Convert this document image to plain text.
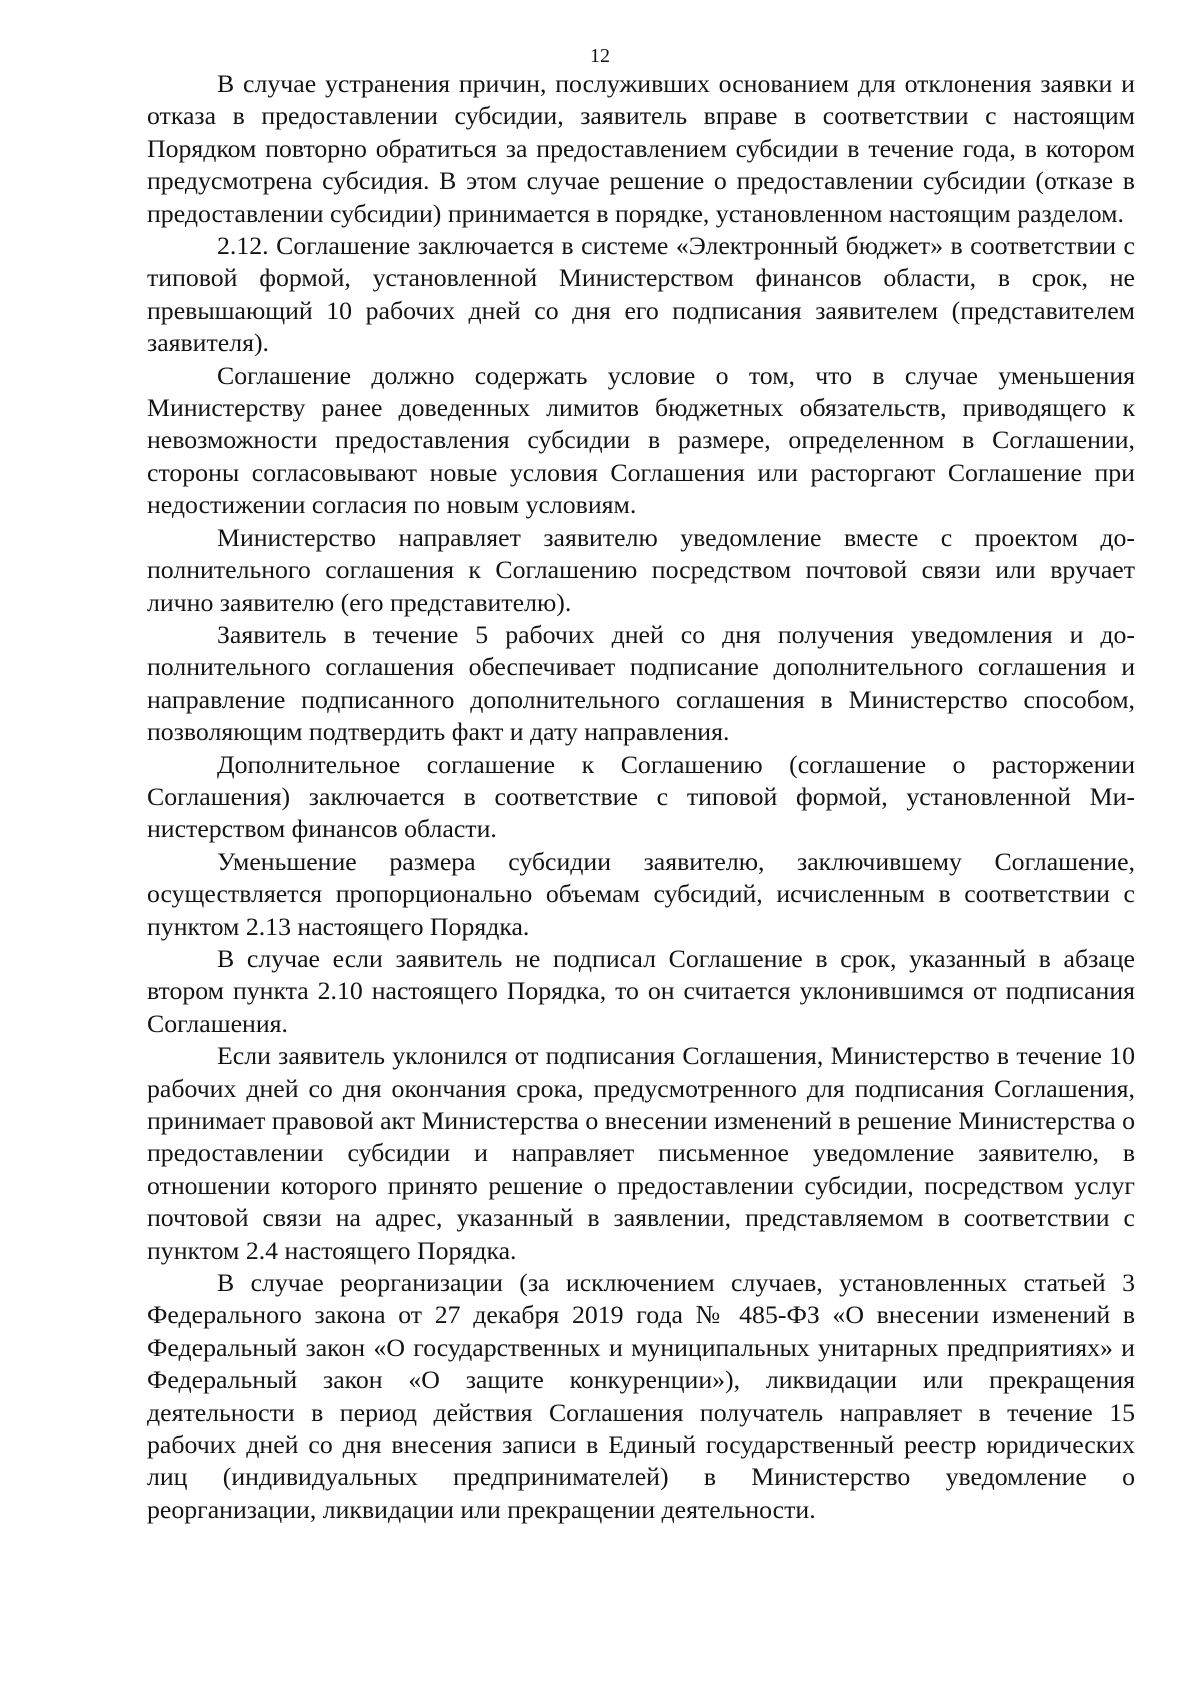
12

В случае устранения причин, послуживших основанием для отклонения заявки и отказа в предоставлении субсидии, заявитель вправе в соответствии с настоящим Порядком повторно обратиться за предоставлением субсидии в течение года, в котором предусмотрена субсидия. В этом случае решение о предоставлении субсидии (отказе в предоставлении субсидии) принимается в порядке, установленном настоящим разделом.

2.12. Соглашение заключается в системе «Электронный бюджет» в соответствии с типовой формой, установленной Министерством финансов области, в срок, не превышающий 10 рабочих дней со дня его подписания заявителем (представителем заявителя).

Соглашение должно содержать условие о том, что в случае уменьшения Министерству ранее доведенных лимитов бюджетных обязательств, приводящего к невозможности предоставления субсидии в размере, определенном в Соглашении, стороны согласовывают новые условия Соглашения или расторгают Соглашение при недостижении согласия по новым условиям.

Министерство направляет заявителю уведомление вместе с проектом дополнительного соглашения к Соглашению посредством почтовой связи или вручает лично заявителю (его представителю).

Заявитель в течение 5 рабочих дней со дня получения уведомления и дополнительного соглашения обеспечивает подписание дополнительного соглашения и направление подписанного дополнительного соглашения в Министерство способом, позволяющим подтвердить факт и дату направления.

Дополнительное соглашение к Соглашению (соглашение о расторжении Соглашения) заключается в соответствие с типовой формой, установленной Министерством финансов области.

Уменьшение размера субсидии заявителю, заключившему Соглашение, осуществляется пропорционально объемам субсидий, исчисленным в соответствии с пунктом 2.13 настоящего Порядка.

В случае если заявитель не подписал Соглашение в срок, указанный в абзаце втором пункта 2.10 настоящего Порядка, то он считается уклонившимся от подписания Соглашения.

Если заявитель уклонился от подписания Соглашения, Министерство в течение 10 рабочих дней со дня окончания срока, предусмотренного для подписания Соглашения, принимает правовой акт Министерства о внесении изменений в решение Министерства о предоставлении субсидии и направляет письменное уведомление заявителю, в отношении которого принято решение о предоставлении субсидии, посредством услуг почтовой связи на адрес, указанный в заявлении, представляемом в соответствии с пунктом 2.4 настоящего Порядка.

В случае реорганизации (за исключением случаев, установленных статьей 3 Федерального закона от 27 декабря 2019 года № 485-ФЗ «О внесении изменений в Федеральный закон «О государственных и муниципальных унитарных предприятиях» и Федеральный закон «О защите конкуренции»), ликвидации или прекращения деятельности в период действия Соглашения получатель направляет в течение 15 рабочих дней со дня внесения записи в Единый государственный реестр юридических лиц (индивидуальных предпринимателей) в Министерство уведомление о реорганизации, ликвидации или прекращении деятельности.
